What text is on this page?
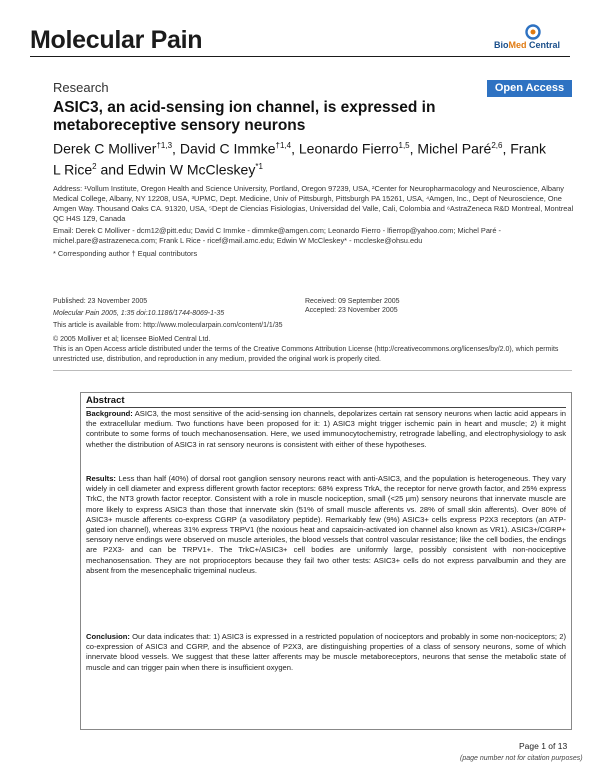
Molecular Pain	BioMed Central
Research	Open Access
ASIC3, an acid-sensing ion channel, is expressed in metaboreceptive sensory neurons
Derek C Molliver$^{\dagger 1,3}$, David C Immke$^{\dagger 1,4}$, Leonardo Fierro$^{1,5}$, Michel Paré$^{2,6}$, Frank L Rice$^2$ and Edwin W McCleskey$^{*1}$
Address: ¹Vollum Institute, Oregon Health and Science University, Portland, Oregon 97239, USA, ²Center for Neuropharmacology and Neuroscience, Albany Medical College, Albany, NY 12208, USA, ³UPMC, Dept. Medicine, Univ of Pittsburgh, Pittsburgh PA 15261, USA, ⁴Amgen, Inc., Dept of Neuroscience, One Amgen Way. Thousand Oaks CA. 91320, USA, ⁵Dept de Ciencias Fisiologias, Universidad del Valle, Cali, Colombia and ⁶AstraZeneca R&D Montreal, Montreal QC H4S 1Z9, Canada
Email: Derek C Molliver - dcm12@pitt.edu; David C Immke - dimmke@amgen.com; Leonardo Fierro - lfierrop@yahoo.com; Michel Paré - michel.pare@astrazeneca.com; Frank L Rice - ricef@mail.amc.edu; Edwin W McCleskey* - mccleske@ohsu.edu
* Corresponding author † Equal contributors
Published: 23 November 2005
Molecular Pain 2005, 1:35 doi:10.1186/1744-8069-1-35
Received: 09 September 2005
Accepted: 23 November 2005
This article is available from: http://www.molecularpain.com/content/1/1/35
© 2005 Molliver et al; licensee BioMed Central Ltd.
This is an Open Access article distributed under the terms of the Creative Commons Attribution License (http://creativecommons.org/licenses/by/2.0), which permits unrestricted use, distribution, and reproduction in any medium, provided the original work is properly cited.
Abstract
Background: ASIC3, the most sensitive of the acid-sensing ion channels, depolarizes certain rat sensory neurons when lactic acid appears in the extracellular medium. Two functions have been proposed for it: 1) ASIC3 might trigger ischemic pain in heart and muscle; 2) it might contribute to some forms of touch mechanosensation. Here, we used immunocytochemistry, retrograde labelling, and electrophysiology to ask whether the distribution of ASIC3 in rat sensory neurons is consistent with either of these hypotheses.
Results: Less than half (40%) of dorsal root ganglion sensory neurons react with anti-ASIC3, and the population is heterogeneous. They vary widely in cell diameter and express different growth factor receptors: 68% express TrkA, the receptor for nerve growth factor, and 25% express TrkC, the NT3 growth factor receptor. Consistent with a role in muscle nociception, small (<25 µm) sensory neurons that innervate muscle are more likely to express ASIC3 than those that innervate skin (51% of small muscle afferents vs. 28% of small skin afferents). Over 80% of ASIC3+ muscle afferents co-express CGRP (a vasodilatory peptide). Remarkably few (9%) ASIC3+ cells express P2X3 receptors (an ATP-gated ion channel), whereas 31% express TRPV1 (the noxious heat and capsaicin-activated ion channel also known as VR1). ASIC3+/CGRP+ sensory nerve endings were observed on muscle arterioles, the blood vessels that control vascular resistance; like the cell bodies, the endings are P2X3- and can be TRPV1+. The TrkC+/ASIC3+ cell bodies are uniformly large, possibly consistent with non-nociceptive mechanosensation. They are not proprioceptors because they fail two other tests: ASIC3+ cells do not express parvalbumin and they are absent from the mesencephalic trigeminal nucleus.
Conclusion: Our data indicates that: 1) ASIC3 is expressed in a restricted population of nociceptors and probably in some non-nociceptors; 2) co-expression of ASIC3 and CGRP, and the absence of P2X3, are distinguishing properties of a class of sensory neurons, some of which innervate blood vessels. We suggest that these latter afferents may be muscle metaboreceptors, neurons that sense the metabolic state of muscle and can trigger pain when there is insufficient oxygen.
Page 1 of 13
(page number not for citation purposes)
